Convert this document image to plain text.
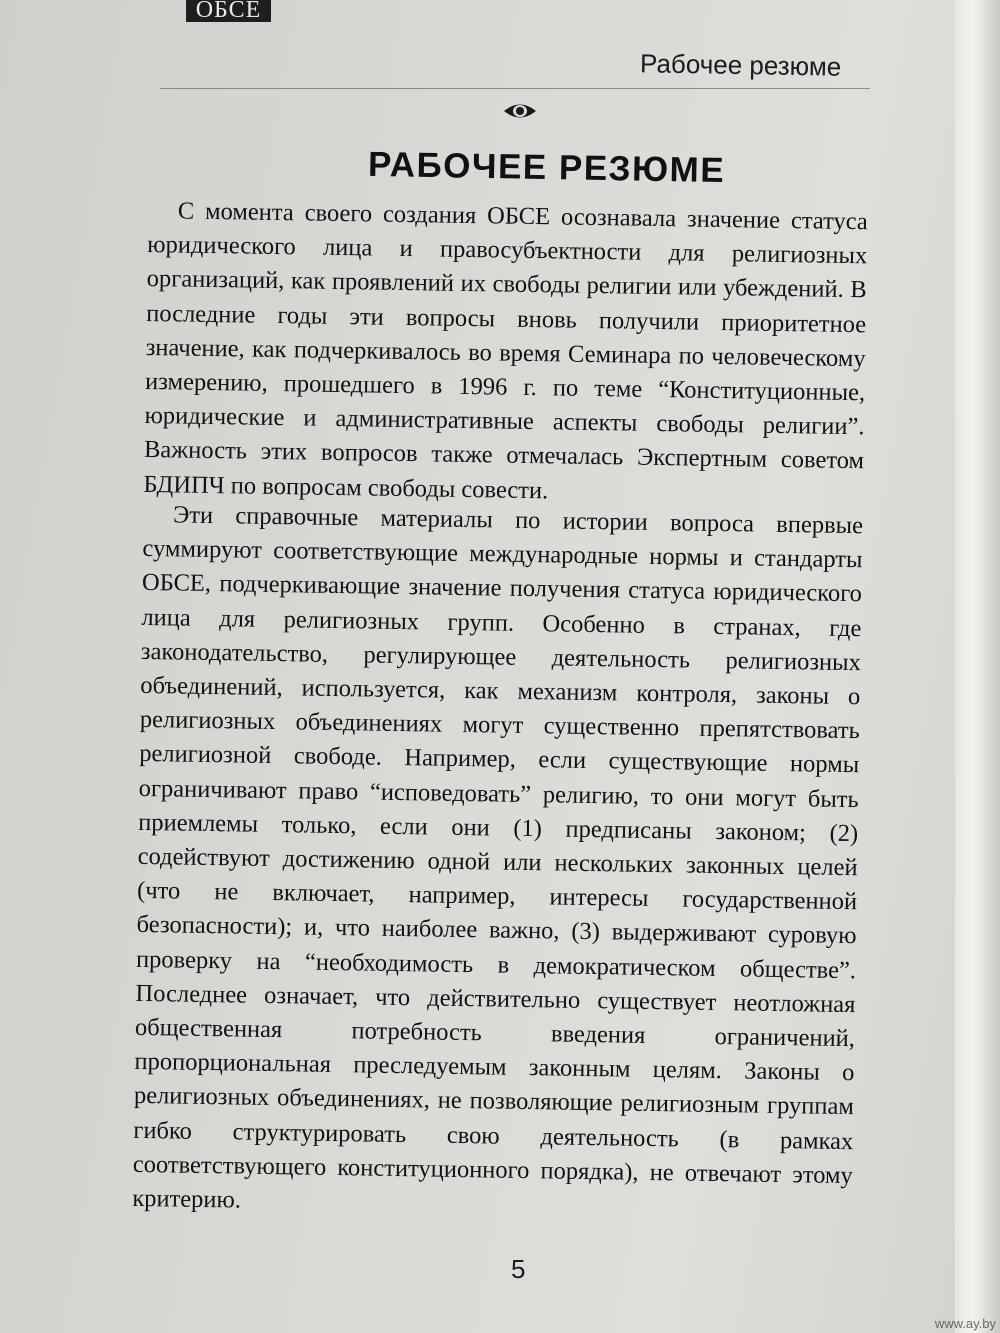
ОБСЕ
Рабочее резюме
РАБОЧЕЕ РЕЗЮМЕ

С момента своего создания ОБСЕ осознавала значение статуса юридического лица и правосубъектности для религиозных организаций, как проявлений их свободы религии или убеждений. В последние годы эти вопросы вновь получили приоритетное значение, как подчеркивалось во время Семинара по человеческому измерению, прошедшего в 1996 г. по теме “Конституционные, юридические и административные аспекты свободы религии”. Важность этих вопросов также отмечалась Экспертным советом БДИПЧ по вопросам свободы совести.

Эти справочные материалы по истории вопроса впервые суммируют соответствующие международные нормы и стандарты ОБСЕ, подчеркивающие значение получения статуса юридического лица для религиозных групп. Особенно в странах, где законодательство, регулирующее деятельность религиозных объединений, используется, как механизм контроля, законы о религиозных объединениях могут существенно препятствовать религиозной свободе. Например, если существующие нормы ограничивают право “исповедовать” религию, то они могут быть приемлемы только, если они (1) предписаны законом; (2) содействуют достижению одной или нескольких законных целей (что не включает, например, интересы государственной безопасности); и, что наиболее важно, (3) выдерживают суровую проверку на “необходимость в демократическом обществе”. Последнее означает, что действительно существует неотложная общественная потребность введения ограничений, пропорциональная преследуемым законным целям. Законы о религиозных объединениях, не позволяющие религиозным группам гибко структурировать свою деятельность (в рамках соответствующего конституционного порядка), не отвечают этому критерию.

5
www.ay.by
